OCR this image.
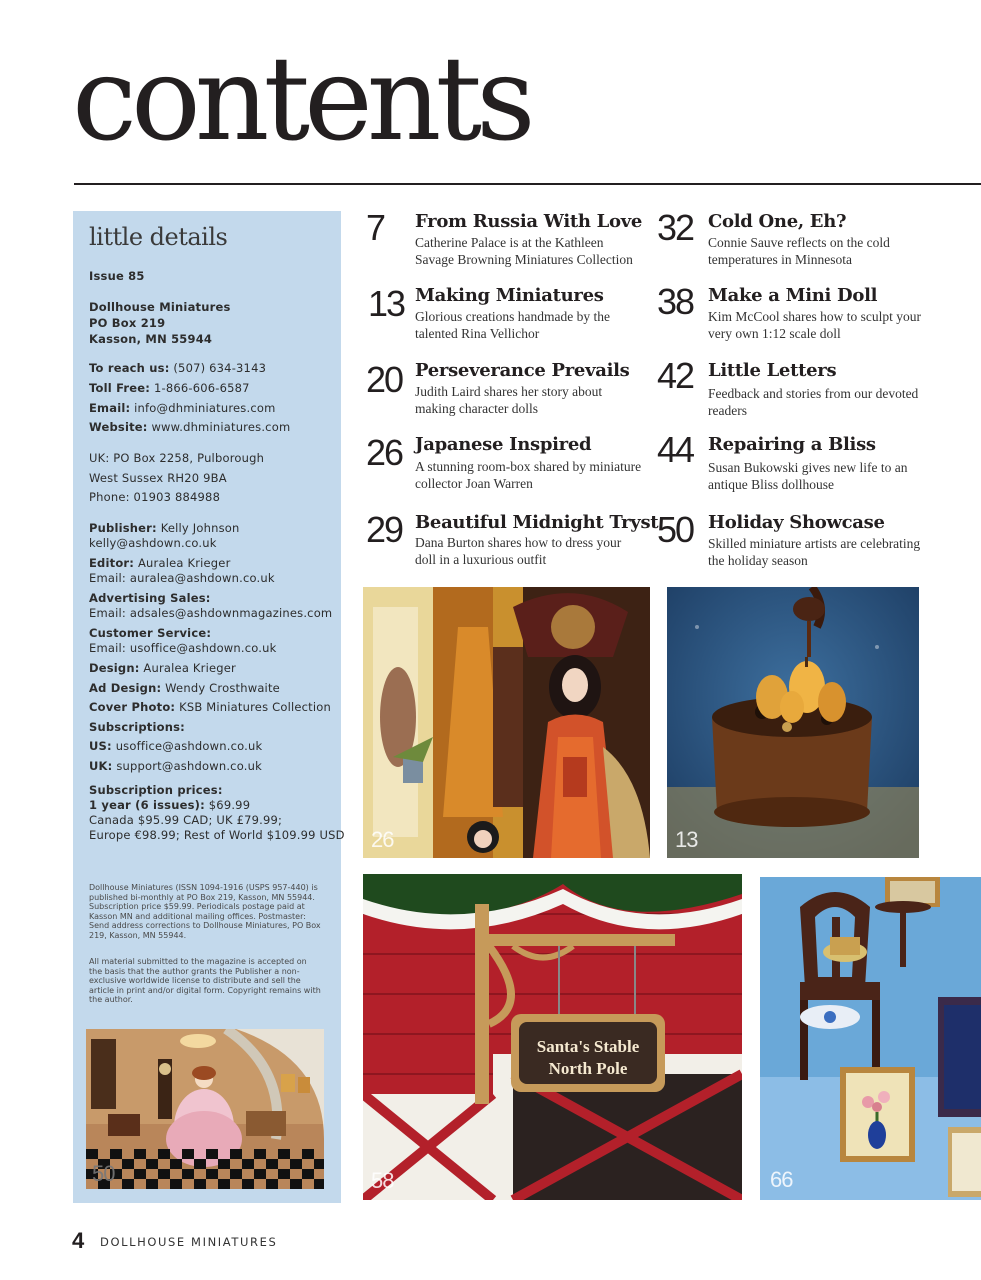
contents
little details
Issue 85
Dollhouse Miniatures
PO Box 219
Kasson, MN 55944
To reach us: (507) 634-3143
Toll Free: 1-866-606-6587
Email: info@dhminiatures.com
Website: www.dhminiatures.com
UK: PO Box 2258, Pulborough
West Sussex RH20 9BA
Phone: 01903 884988
Publisher: Kelly Johnson
kelly@ashdown.co.uk
Editor: Auralea Krieger
Email: auralea@ashdown.co.uk
Advertising Sales:
Email: adsales@ashdownmagazines.com
Customer Service:
Email: usoffice@ashdown.co.uk
Design: Auralea Krieger
Ad Design: Wendy Crosthwaite
Cover Photo: KSB Miniatures Collection
Subscriptions:
US: usoffice@ashdown.co.uk
UK: support@ashdown.co.uk
Subscription prices:
1 year (6 issues): $69.99
Canada $95.99 CAD; UK £79.99;
Europe €98.99; Rest of World $109.99 USD
Dollhouse Miniatures (ISSN 1094-1916 (USPS 957-440) is published bi-monthly at PO Box 219, Kasson, MN 55944. Subscription price $59.99. Periodicals postage paid at Kasson MN and additional mailing offices. Postmaster: Send address corrections to Dollhouse Miniatures, PO Box 219, Kasson, MN 55944.
All material submitted to the magazine is accepted on the basis that the author grants the Publisher a non-exclusive worldwide license to distribute and sell the article in print and/or digital form. Copyright remains with the author.
50
7 From Russia With Love
Catherine Palace is at the Kathleen Savage Browning Miniatures Collection
13 Making Miniatures
Glorious creations handmade by the talented Rina Vellichor
20 Perseverance Prevails
Judith Laird shares her story about making character dolls
26 Japanese Inspired
A stunning room-box shared by miniature collector Joan Warren
29 Beautiful Midnight Tryst
Dana Burton shares how to dress your doll in a luxurious outfit
32 Cold One, Eh?
Connie Sauve reflects on the cold temperatures in Minnesota
38 Make a Mini Doll
Kim McCool shares how to sculpt your very own 1:12 scale doll
42 Little Letters
Feedback and stories from our devoted readers
44 Repairing a Bliss
Susan Bukowski gives new life to an antique Bliss dollhouse
50 Holiday Showcase
Skilled miniature artists are celebrating the holiday season
26	13
Santa's Stable
North Pole
58	66
4 DOLLHOUSE MINIATURES
